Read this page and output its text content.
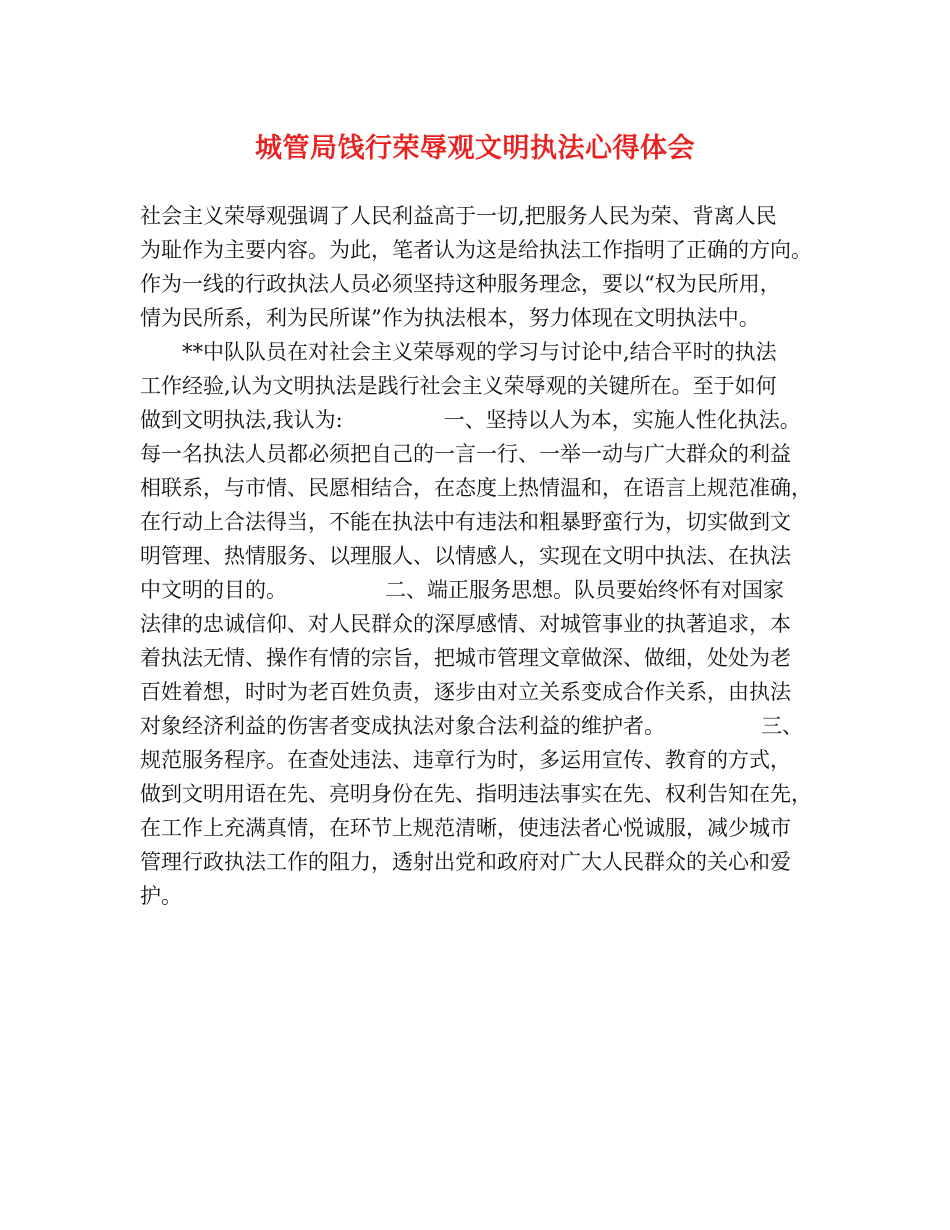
城管局饯行荣辱观文明执法心得体会
社会主义荣辱观强调了人民利益高于一切,把服务人民为荣、背离人民
为耻作为主要内容。为此，笔者认为这是给执法工作指明了正确的方向。
作为一线的行政执法人员必须坚持这种服务理念，要以“权为民所用，
情为民所系，利为民所谋”作为执法根本，努力体现在文明执法中。
**中队队员在对社会主义荣辱观的学习与讨论中,结合平时的执法
工作经验,认为文明执法是践行社会主义荣辱观的关键所在。至于如何
做到文明执法,我认为:	一、坚持以人为本，实施人性化执法。
每一名执法人员都必须把自己的一言一行、一举一动与广大群众的利益
相联系，与市情、民愿相结合，在态度上热情温和，在语言上规范准确，
在行动上合法得当，不能在执法中有违法和粗暴野蛮行为，切实做到文
明管理、热情服务、以理服人、以情感人，实现在文明中执法、在执法
中文明的目的。	二、端正服务思想。队员要始终怀有对国家
法律的忠诚信仰、对人民群众的深厚感情、对城管事业的执著追求，本
着执法无情、操作有情的宗旨，把城市管理文章做深、做细，处处为老
百姓着想，时时为老百姓负责，逐步由对立关系变成合作关系，由执法
对象经济利益的伤害者变成执法对象合法利益的维护者。	三、
规范服务程序。在查处违法、违章行为时，多运用宣传、教育的方式，
做到文明用语在先、亮明身份在先、指明违法事实在先、权利告知在先，
在工作上充满真情，在环节上规范清晰，使违法者心悦诚服，减少城市
管理行政执法工作的阻力，透射出党和政府对广大人民群众的关心和爱
护。
